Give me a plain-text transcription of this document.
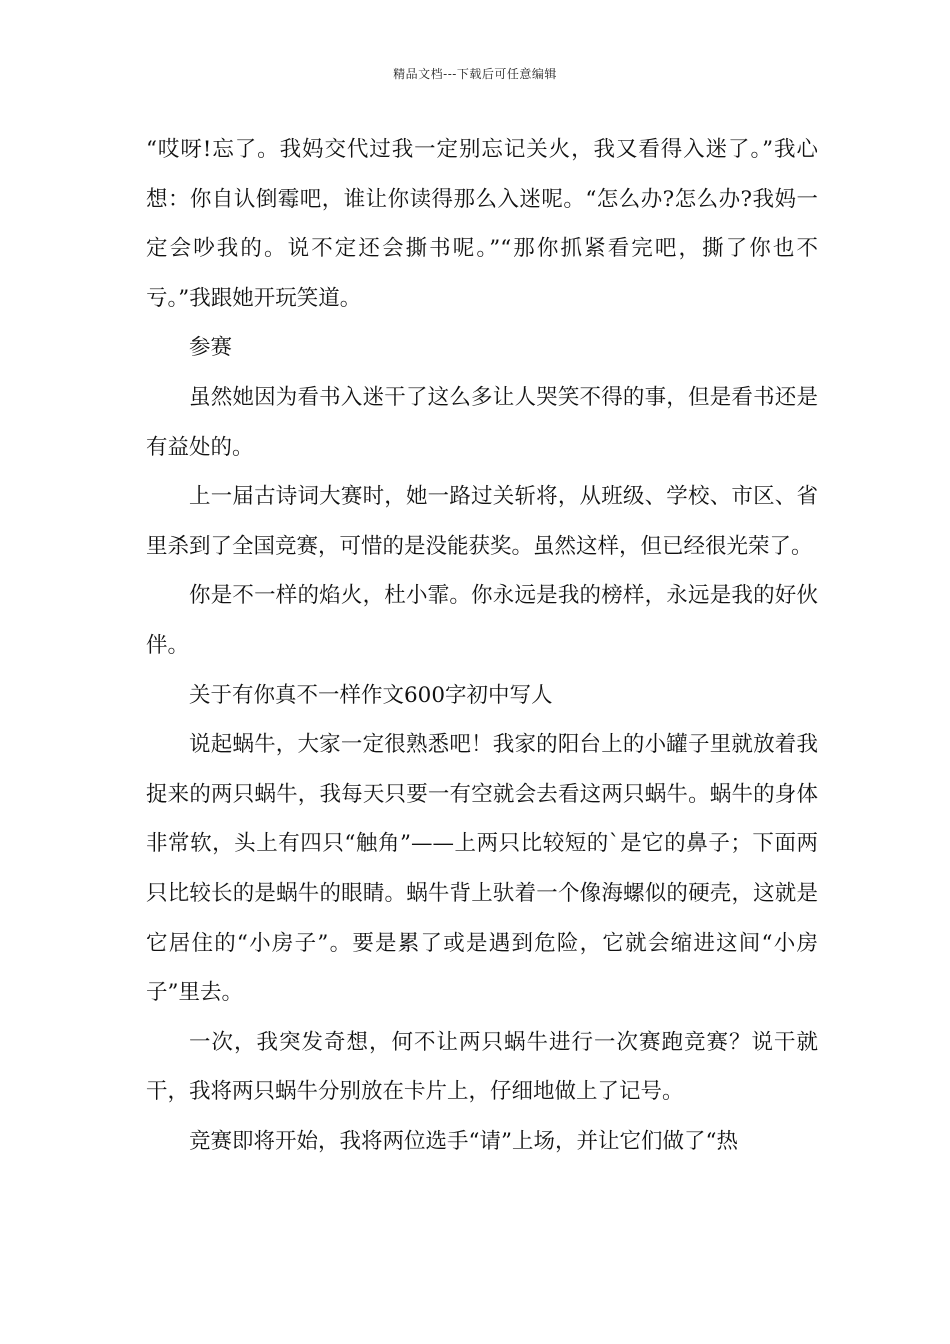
精品文档---下载后可任意编辑

“哎呀!忘了。我妈交代过我一定别忘记关火，我又看得入迷了。”我心想：你自认倒霉吧，谁让你读得那么入迷呢。“怎么办?怎么办?我妈一定会吵我的。说不定还会撕书呢。”“那你抓紧看完吧，撕了你也不亏。”我跟她开玩笑道。

参赛

虽然她因为看书入迷干了这么多让人哭笑不得的事，但是看书还是有益处的。

上一届古诗词大赛时，她一路过关斩将，从班级、学校、市区、省里杀到了全国竞赛，可惜的是没能获奖。虽然这样，但已经很光荣了。

你是不一样的焰火，杜小霏。你永远是我的榜样，永远是我的好伙伴。

关于有你真不一样作文600字初中写人

说起蜗牛，大家一定很熟悉吧！我家的阳台上的小罐子里就放着我捉来的两只蜗牛，我每天只要一有空就会去看这两只蜗牛。蜗牛的身体非常软，头上有四只“触角”——上两只比较短的`是它的鼻子；下面两只比较长的是蜗牛的眼睛。蜗牛背上驮着一个像海螺似的硬壳，这就是它居住的“小房子”。要是累了或是遇到危险，它就会缩进这间“小房子”里去。

一次，我突发奇想，何不让两只蜗牛进行一次赛跑竞赛？说干就干，我将两只蜗牛分别放在卡片上，仔细地做上了记号。

竞赛即将开始，我将两位选手“请”上场，并让它们做了“热
